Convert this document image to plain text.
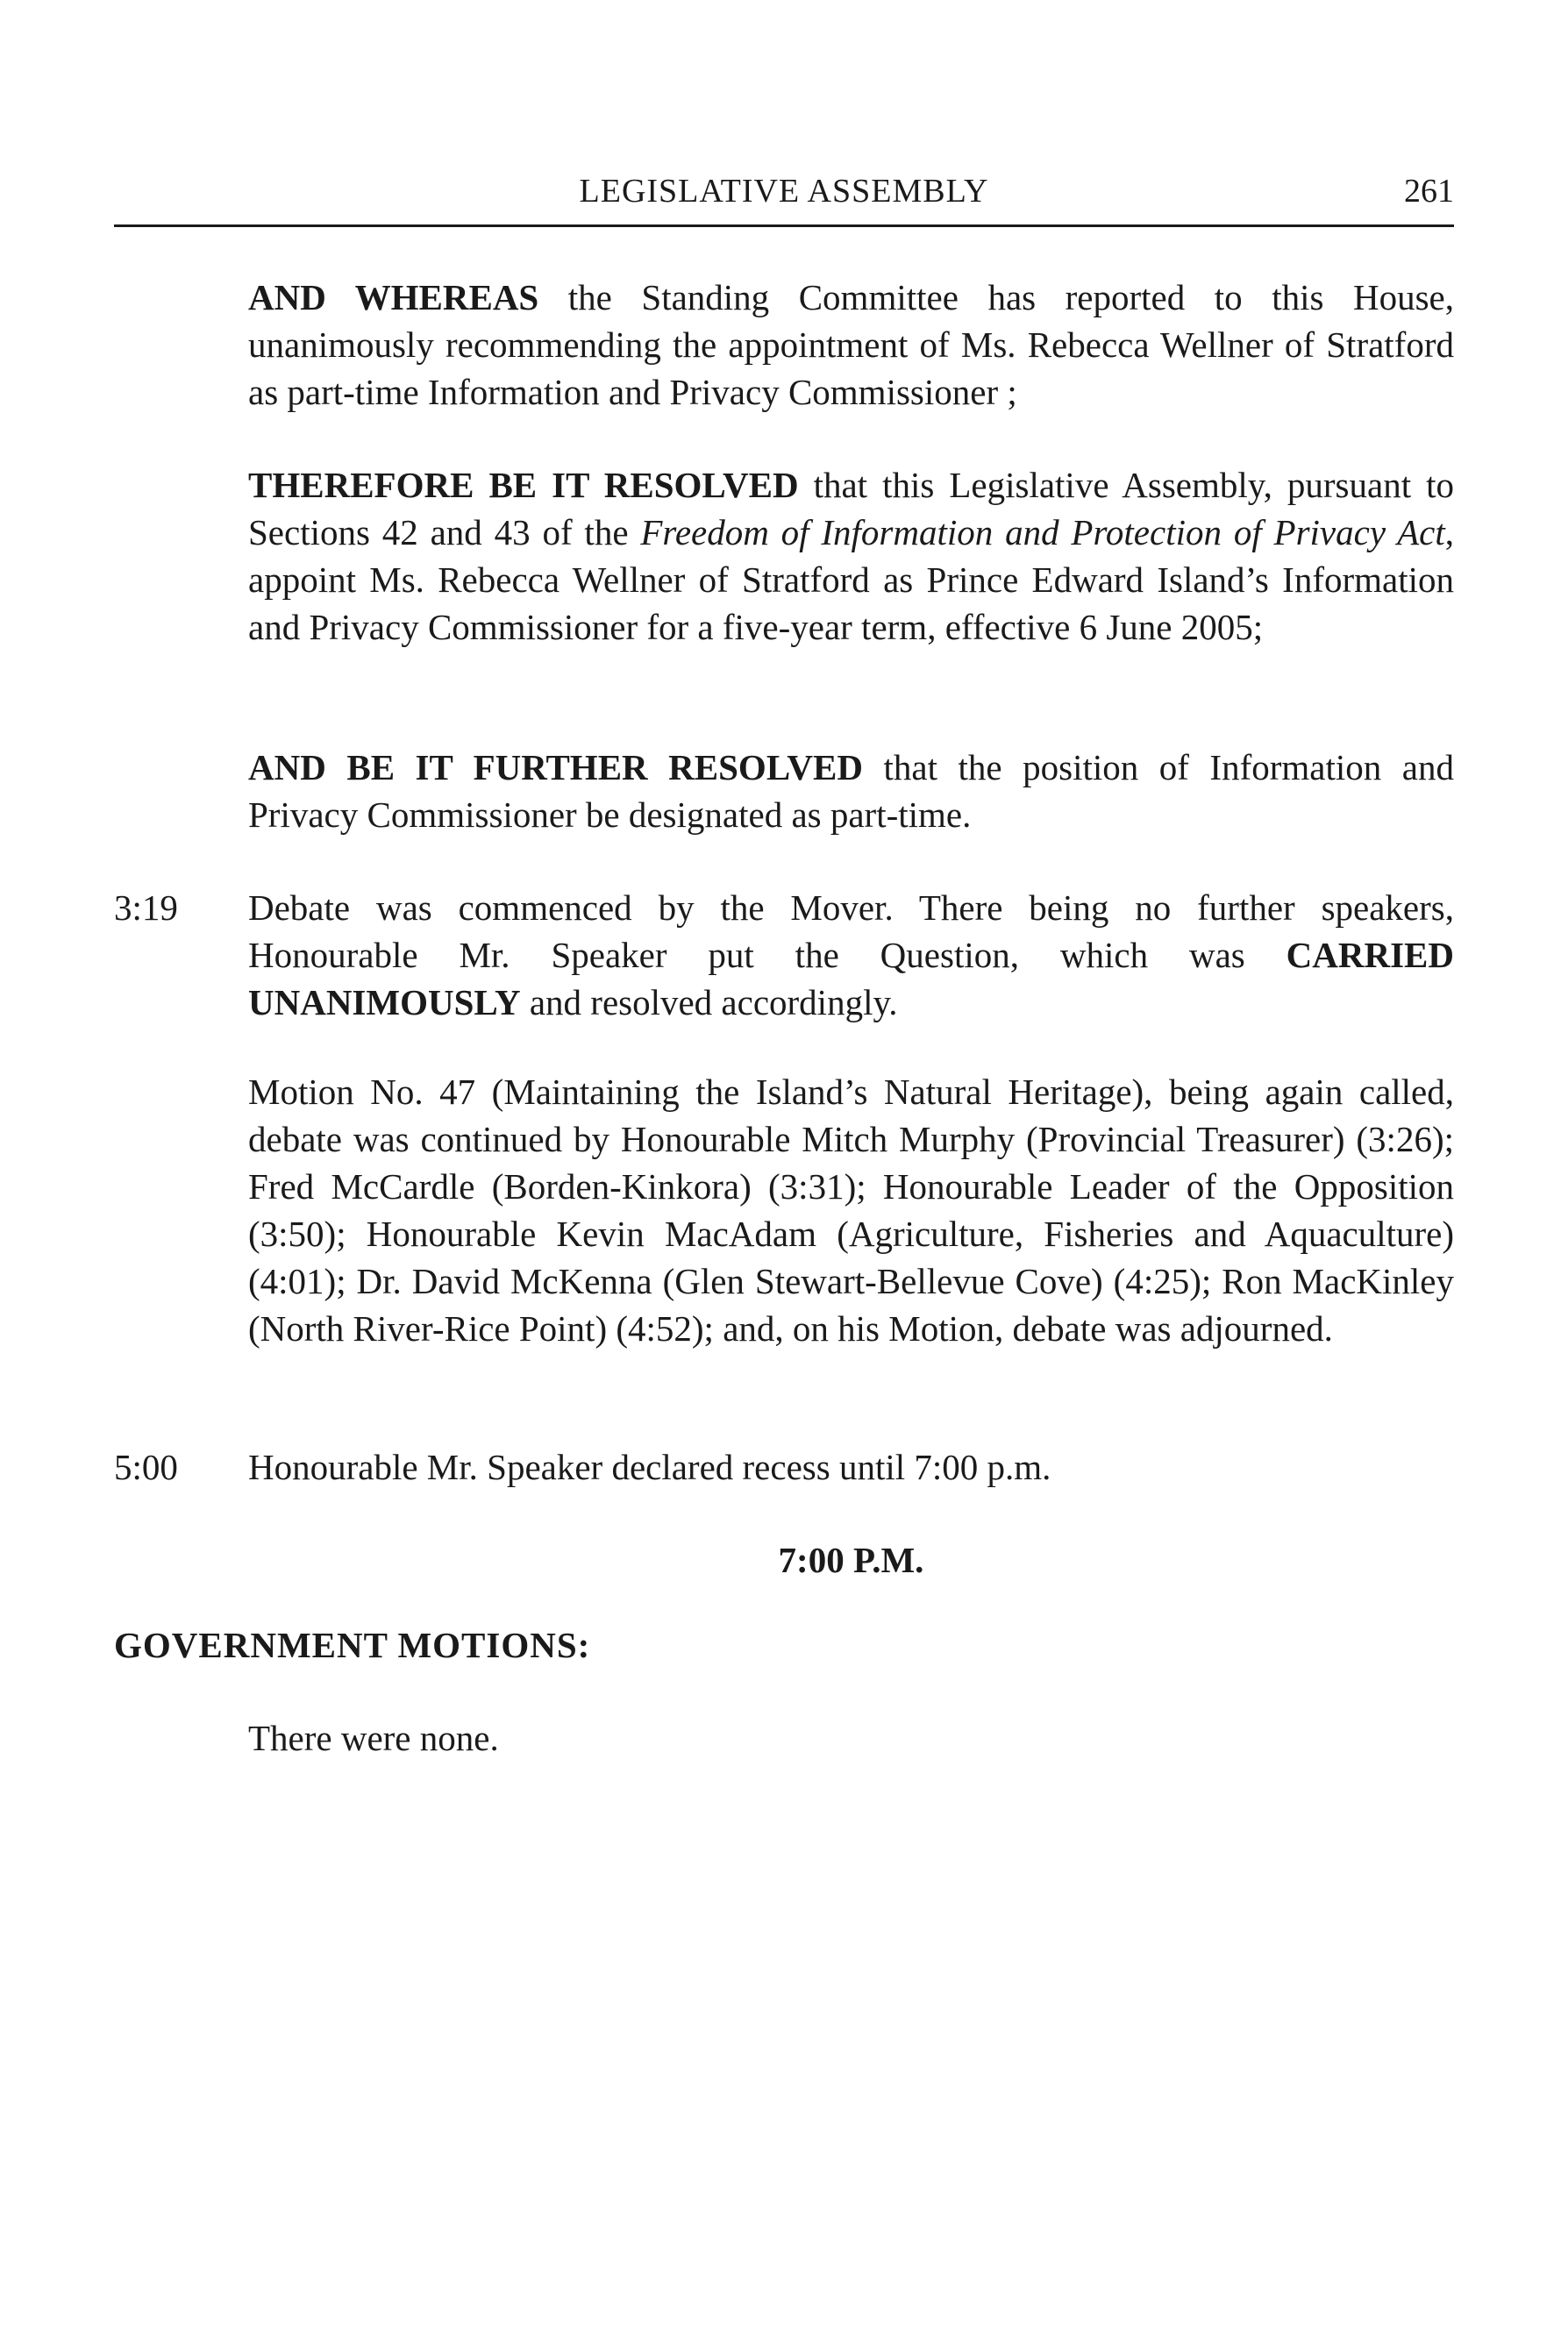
LEGISLATIVE ASSEMBLY	261

AND WHEREAS the Standing Committee has reported to this House, unanimously recommending the appointment of Ms. Rebecca Wellner of Stratford as part-time Information and Privacy Commissioner ;

THEREFORE BE IT RESOLVED that this Legislative Assembly, pursuant to Sections 42 and 43 of the Freedom of Information and Protection of Privacy Act, appoint Ms. Rebecca Wellner of Stratford as Prince Edward Island’s Information and Privacy Commissioner for a five-year term, effective 6 June 2005;

AND BE IT FURTHER RESOLVED that the position of Information and Privacy Commissioner be designated as part-time.

3:19 Debate was commenced by the Mover. There being no further speakers, Honourable Mr. Speaker put the Question, which was CARRIED UNANIMOUSLY and resolved accordingly.

Motion No. 47 (Maintaining the Island’s Natural Heritage), being again called, debate was continued by Honourable Mitch Murphy (Provincial Treasurer) (3:26); Fred McCardle (Borden-Kinkora) (3:31); Honourable Leader of the Opposition (3:50); Honourable Kevin MacAdam (Agriculture, Fisheries and Aquaculture) (4:01); Dr. David McKenna (Glen Stewart-Bellevue Cove) (4:25); Ron MacKinley (North River-Rice Point) (4:52); and, on his Motion, debate was adjourned.

5:00 Honourable Mr. Speaker declared recess until 7:00 p.m.

7:00 P.M.
GOVERNMENT MOTIONS:

There were none.
